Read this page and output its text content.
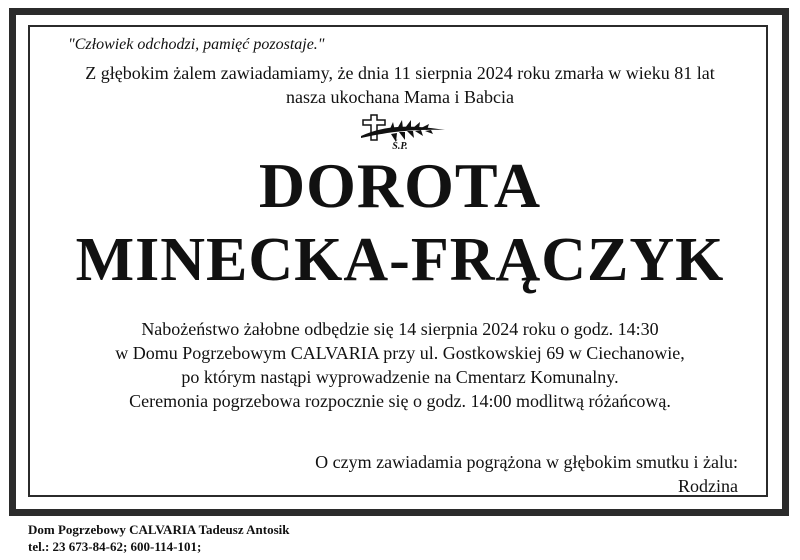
"Człowiek odchodzi, pamięć pozostaje."
Z głębokim żalem zawiadamiamy, że dnia 11 sierpnia 2024 roku zmarła w wieku 81 lat
nasza ukochana Mama i Babcia
Ś.P.
DOROTA
MINECKA-FRĄCZYK
Nabożeństwo żałobne odbędzie się 14 sierpnia 2024 roku o godz. 14:30
w Domu Pogrzebowym CALVARIA przy ul. Gostkowskiej 69 w Ciechanowie,
po którym nastąpi wyprowadzenie na Cmentarz Komunalny.
Ceremonia pogrzebowa rozpocznie się o godz. 14:00 modlitwą różańcową.
O czym zawiadamia pogrążona w głębokim smutku i żalu:
Rodzina
Dom Pogrzebowy CALVARIA Tadeusz Antosik
tel.: 23 673-84-62; 600-114-101;
